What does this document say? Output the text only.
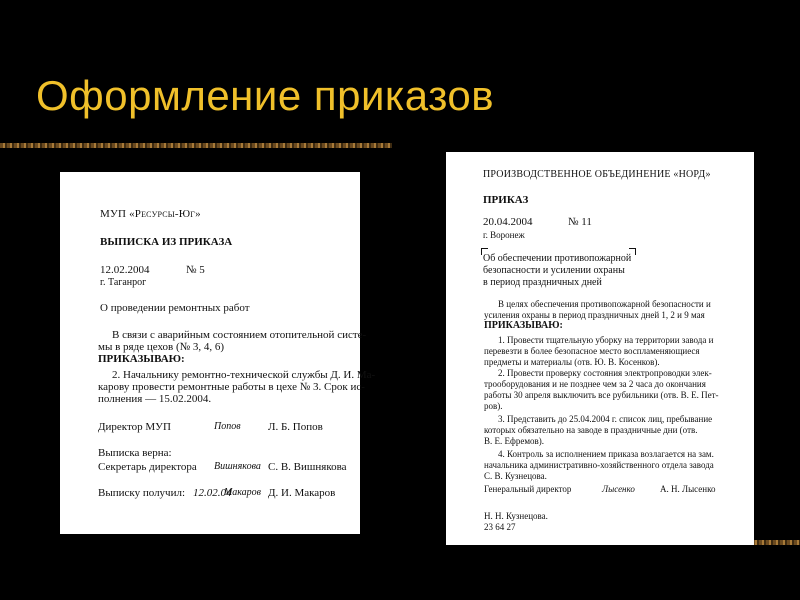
Оформление приказов
МУП «Ресурсы-Юг»
ВЫПИСКА ИЗ ПРИКАЗА
12.02.2004	№ 5
г. Таганрог
О проведении ремонтных работ
В связи с аварийным состоянием отопительной систе-
мы в ряде цехов (№ 3, 4, 6)
ПРИКАЗЫВАЮ:
2. Начальнику ремонтно-технической службы Д. И. Ма-
карову провести ремонтные работы в цехе № 3. Срок ис-
полнения — 15.02.2004.
Директор МУП	Попов Л. Б. Попов
Выписка верна:
Секретарь директора Вишнякова С. В. Вишнякова
Выписку получил: 12.02.04
Макаров Д. И. Макаров
ПРОИЗВОДСТВЕННОЕ ОБЪЕДИНЕНИЕ «НОРД»
ПРИКАЗ
20.04.2004	№ 11
г. Воронеж
Об обеспечении противопожарной
безопасности и усилении охраны
в период праздничных дней
В целях обеспечения противопожарной безопасности и
усиления охраны в период праздничных дней 1, 2 и 9 мая
ПРИКАЗЫВАЮ:
1. Провести тщательную уборку на территории завода и
перевезти в более безопасное место воспламеняющиеся
предметы и материалы (отв. Ю. В. Косенков).
2. Провести проверку состояния электропроводки элек-
трооборудования и не позднее чем за 2 часа до окончания
работы 30 апреля выключить все рубильники (отв. В. Е. Пет-
ров).
3. Представить до 25.04.2004 г. список лиц, пребывание
которых обязательно на заводе в праздничные дни (отв.
В. Е. Ефремов).
4. Контроль за исполнением приказа возлагается на зам.
начальника административно-хозяйственного отдела завода
С. В. Кузнецова.
Генеральный директор	Лысенко	А. Н. Лысенко
Н. Н. Кузнецова.
23 64 27
